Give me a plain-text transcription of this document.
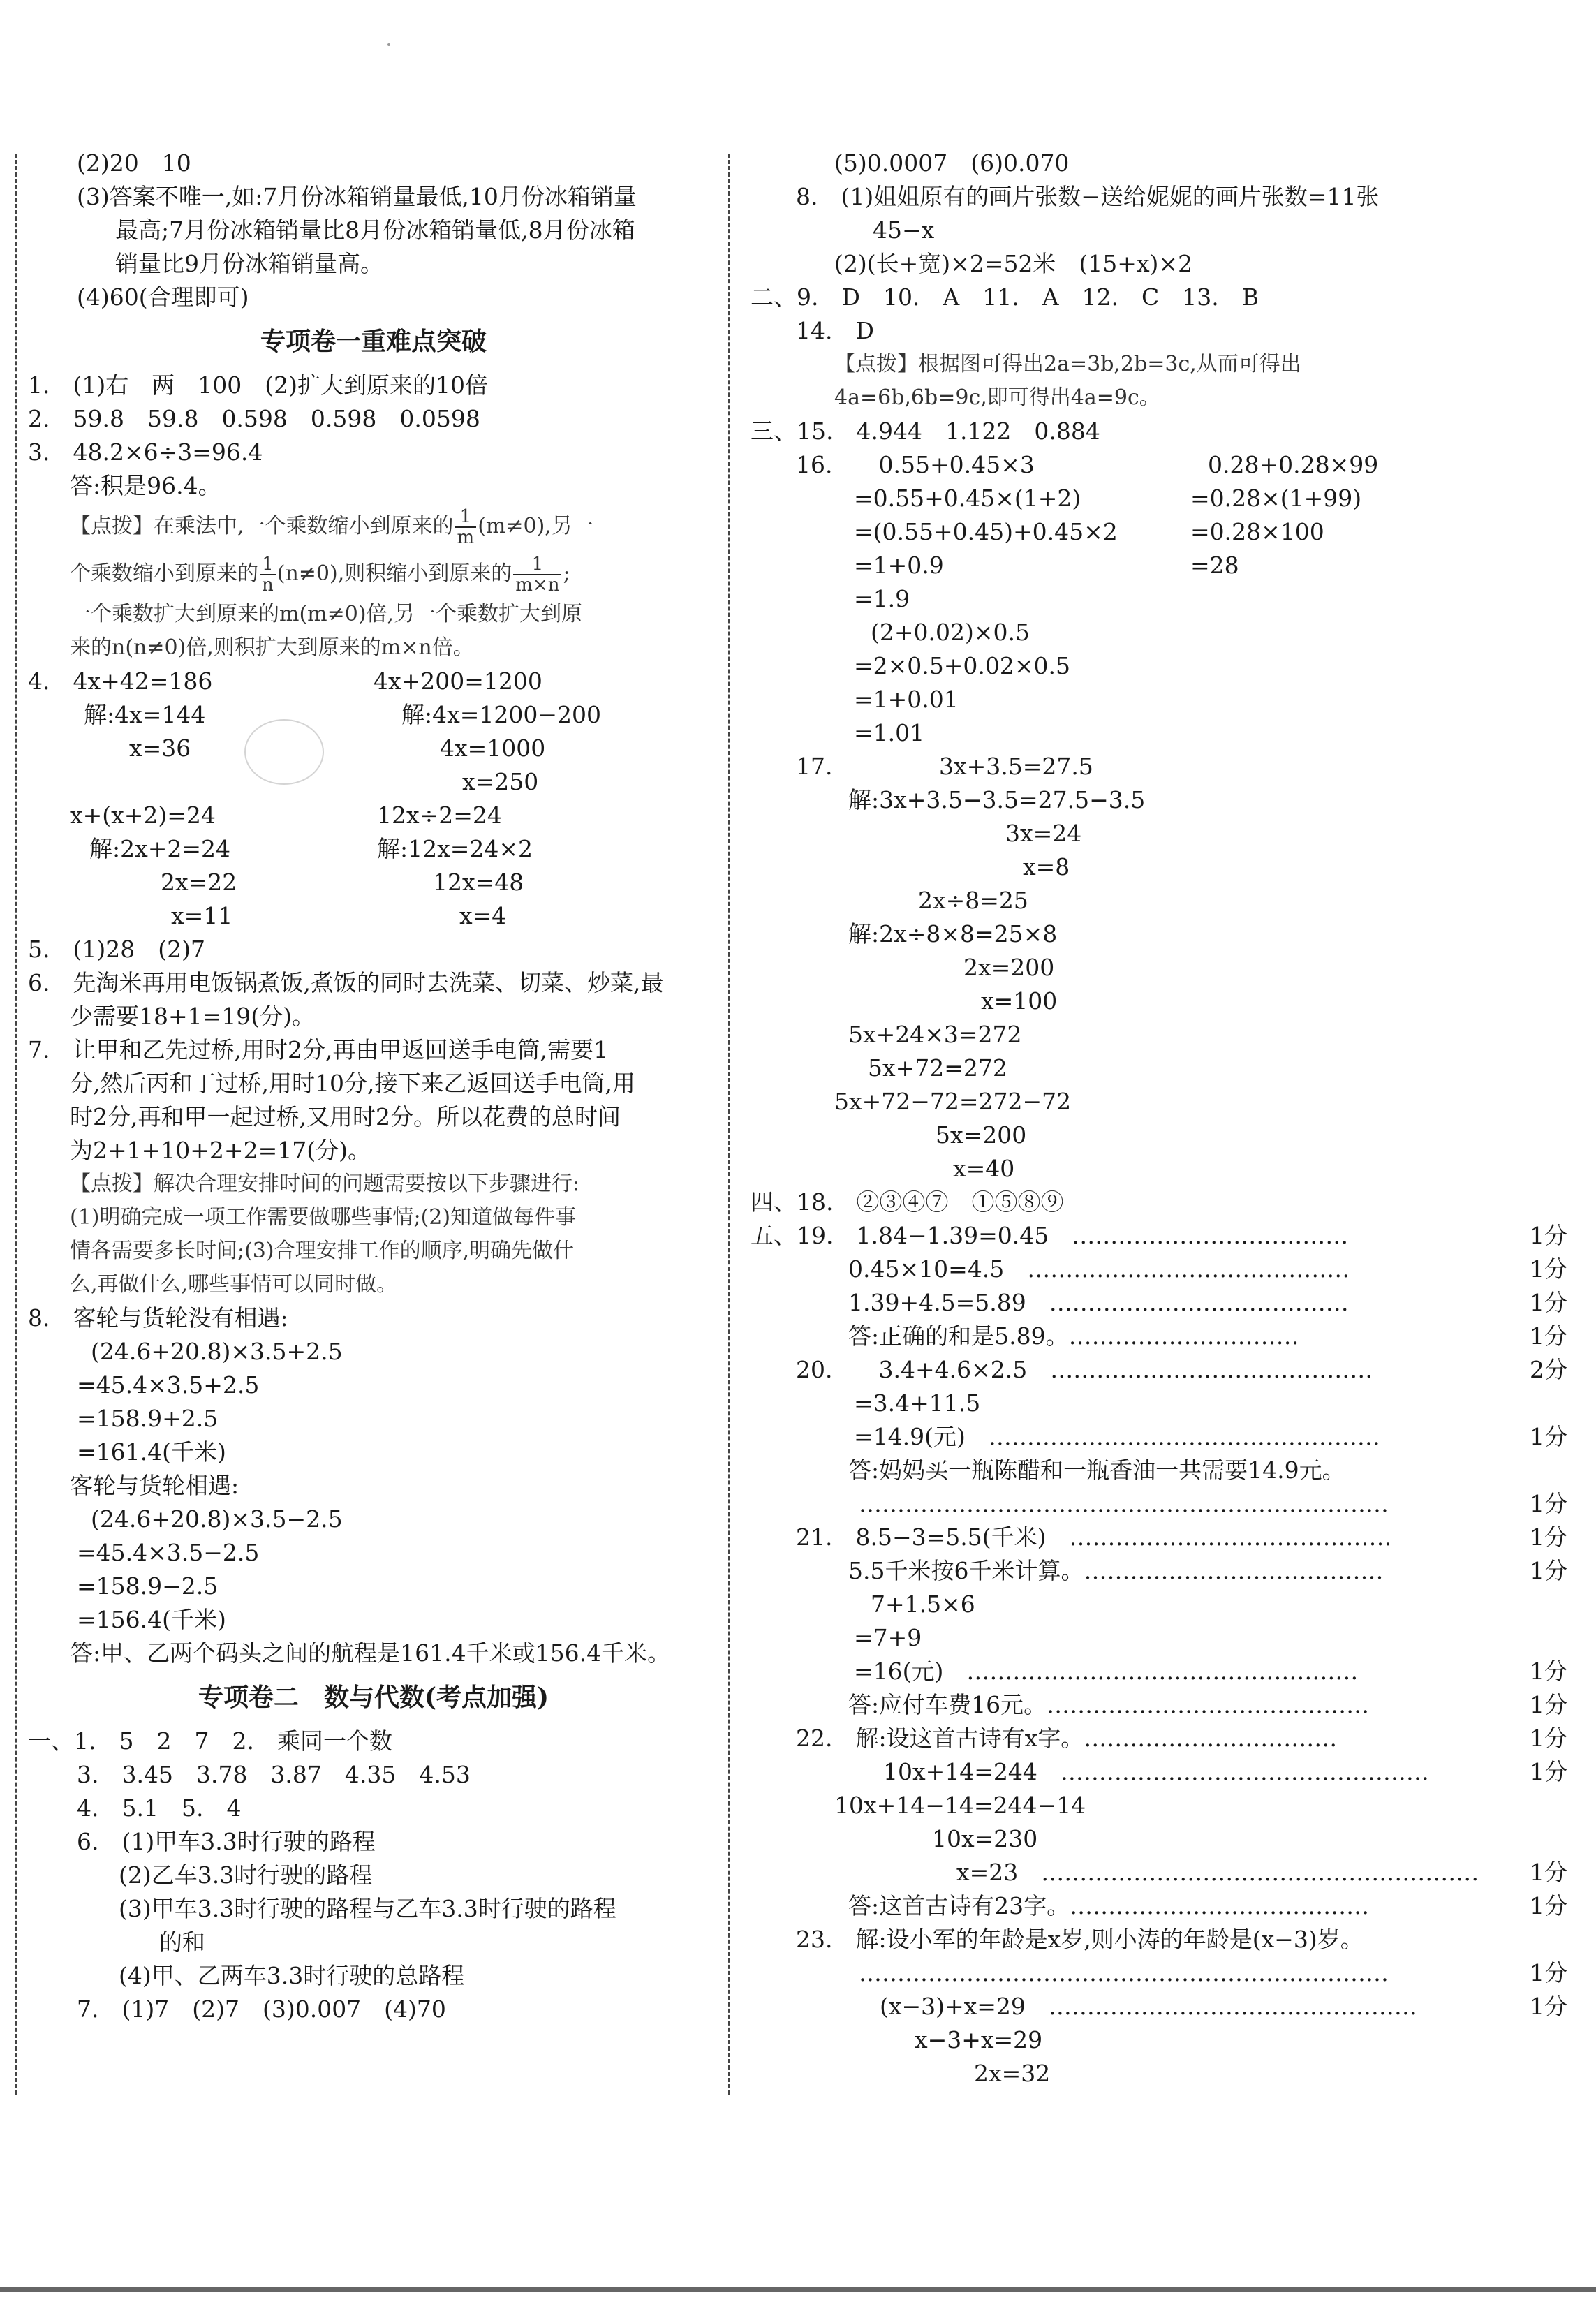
(2)20　10
(3)答案不唯一,如:7月份冰箱销量最低,10月份冰箱销量
最高;7月份冰箱销量比8月份冰箱销量低,8月份冰箱
销量比9月份冰箱销量高。
(4)60(合理即可)
专项卷一重难点突破
1.　(1)右　两　100　(2)扩大到原来的10倍
2.　59.8　59.8　0.598　0.598　0.0598
3.　48.2×6÷3=96.4
答:积是96.4。
【点拨】在乘法中,一个乘数缩小到原来的 $\frac{1}{m} (m\ne 0)$,另一
个乘数缩小到原来的 $\frac{1}{n} (n\ne 0)$,则积缩小到原来的 $\frac{1}{m\times n}$ ;
一个乘数扩大到原来的m(m≠0)倍,另一个乘数扩大到原
来的n(n≠0)倍,则积扩大到原来的m×n倍。
4.　4x+42=186	4x+200=1200
解:4x=144	解:4x=1200−200
x=36	4x=1000
x=250
x+(x+2)=24	12x÷2=24
解:2x+2=24	解:12x=24×2
2x=22	12x=48
x=11	x=4
5.　(1)28　(2)7
6.　先淘米再用电饭锅煮饭,煮饭的同时去洗菜、切菜、炒菜,最
少需要18+1=19(分)。
7.　让甲和乙先过桥,用时2分,再由甲返回送手电筒,需要1
分,然后丙和丁过桥,用时10分,接下来乙返回送手电筒,用
时2分,再和甲一起过桥,又用时2分。所以花费的总时间
为2+1+10+2+2=17(分)。
【点拨】解决合理安排时间的问题需要按以下步骤进行:
(1)明确完成一项工作需要做哪些事情;(2)知道做每件事
情各需要多长时间;(3)合理安排工作的顺序,明确先做什
么,再做什么,哪些事情可以同时做。
8.　客轮与货轮没有相遇:
(24.6+20.8)×3.5+2.5
=45.4×3.5+2.5
=158.9+2.5
=161.4(千米)
客轮与货轮相遇:
(24.6+20.8)×3.5−2.5
=45.4×3.5−2.5
=158.9−2.5
=156.4(千米)
答:甲、乙两个码头之间的航程是161.4千米或156.4千米。
专项卷二　数与代数(考点加强)
一、1.　5　2　7　2.　乘同一个数
3.　3.45　3.78　3.87　4.35　4.53
4.　5.1　5.　4
6.　(1)甲车3.3时行驶的路程
(2)乙车3.3时行驶的路程
(3)甲车3.3时行驶的路程与乙车3.3时行驶的路程
的和
(4)甲、乙两车3.3时行驶的总路程
7.　(1)7　(2)7　(3)0.007　(4)70
(5)0.0007　(6)0.070
8.　(1)姐姐原有的画片张数−送给妮妮的画片张数=11张
45−x
(2)(长+宽)×2=52米　(15+x)×2
二、9.　D　10.　A　11.　A　12.　C　13.　B
14.　D
【点拨】根据图可得出2a=3b,2b=3c,从而可得出
4a=6b,6b=9c,即可得出4a=9c。
三、15.　4.944　1.122　0.884
16.　　0.55+0.45×3	0.28+0.28×99
=0.55+0.45×(1+2)	=0.28×(1+99)
=(0.55+0.45)+0.45×2	=0.28×100
=1+0.9	=28
=1.9
(2+0.02)×0.5
=2×0.5+0.02×0.5
=1+0.01
=1.01
17.	3x+3.5=27.5
解:3x+3.5−3.5=27.5−3.5
3x=24
x=8
2x÷8=25
解:2x÷8×8=25×8
2x=200
x=100
5x+24×3=272
5x+72=272
5x+72−72=272−72
5x=200
x=40
四、18.　②③④⑦　①⑤⑧⑨
五、19.　1.84−1.39=0.45　………………………………	1分
0.45×10=4.5　……………………………………	1分
1.39+4.5=5.89　…………………………………	1分
答:正确的和是5.89。…………………………	1分
20.　　3.4+4.6×2.5　……………………………………	2分
=3.4+11.5
=14.9(元)　……………………………………………	1分
答:妈妈买一瓶陈醋和一瓶香油一共需要14.9元。
……………………………………………………………	1分
21.　8.5−3=5.5(千米)　……………………………………	1分
5.5千米按6千米计算。…………………………………	1分
7+1.5×6
=7+9
=16(元)　……………………………………………	1分
答:应付车费16元。……………………………………	1分
22.　解:设这首古诗有x字。……………………………	1分
10x+14=244　…………………………………………	1分
10x+14−14=244−14
10x=230
x=23　………………………………………………… 1分
答:这首古诗有23字。…………………………………	1分
23.　解:设小军的年龄是x岁,则小涛的年龄是(x−3)岁。
……………………………………………………………	1分
(x−3)+x=29　…………………………………………	1分
x−3+x=29
2x=32
